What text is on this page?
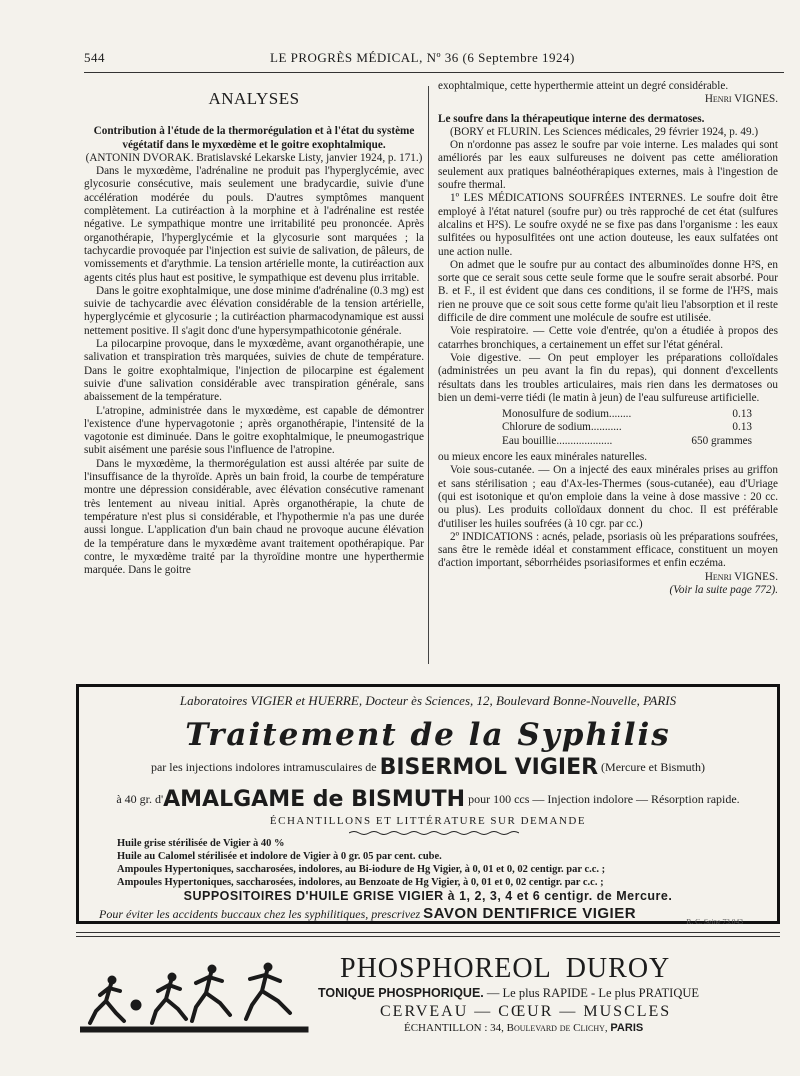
544	LE PROGRÈS MÉDICAL, Nº 36 (6 Septembre 1924)
ANALYSES

Contribution à l'étude de la thermorégulation et à l'état du système végétatif dans le myxœdème et le goitre exophtalmique.

(ANTONIN DVORAK. Bratislavské Lekarske Listy, janvier 1924, p. 171.)

Dans le myxœdème, l'adrénaline ne produit pas l'hyperglycémie, avec glycosurie consécutive, mais seulement une bradycardie, suivie d'une accélération modérée du pouls. D'autres symptômes manquent complètement. La cutiréaction à la morphine et à l'adrénaline est restée négative. Le sympathique montre une irritabilité peu prononcée. Après organothérapie, l'hyperglycémie et la glycosurie sont marquées ; la tachycardie provoquée par l'injection est suivie de salivation, de pâleurs, de vomissements et d'arythmie. La tension artérielle monte, la cutiréaction aux agents cités plus haut est positive, le sympathique est devenu plus irritable.

Dans le goitre exophtalmique, une dose minime d'adrénaline (0.3 mg) est suivie de tachycardie avec élévation considérable de la tension artérielle, hyperglycémie et glycosurie ; la cutiréaction pharmacodynamique est aussi nettement positive. Il s'agit donc d'une hypersympathicotonie générale.

La pilocarpine provoque, dans le myxœdème, avant organothérapie, une salivation et transpiration très marquées, suivies de chute de température. Dans le goitre exophtalmique, l'injection de pilocarpine est également suivie d'une salivation considérable avec transpiration générale, sans abaissement de la température.

L'atropine, administrée dans le myxœdème, est capable de démontrer l'existence d'une hypervagotonie ; après organothérapie, l'intensité de la vagotonie est diminuée. Dans le goitre exophtalmique, le pneumogastrique subit aisément une parésie sous l'influence de l'atropine.

Dans le myxœdème, la thermorégulation est aussi altérée par suite de l'insuffisance de la thyroïde. Après un bain froid, la courbe de température montre une dépression considérable, avec élévation consécutive ramenant très lentement au niveau initial. Après organothérapie, la chute de température n'est plus si considérable, et l'hypothermie n'a pas une durée aussi longue. L'application d'un bain chaud ne provoque aucune élévation de la température dans le myxœdème avant traitement opothérapique. Par contre, le myxœdème traité par la thyroïdine montre une hyperthermie marquée. Dans le goitre

exophtalmique, cette hyperthermie atteint un degré considérable.

Henri VIGNES.

Le soufre dans la thérapeutique interne des dermatoses.

(BORY et FLURIN. Les Sciences médicales, 29 février 1924, p. 49.)

On n'ordonne pas assez le soufre par voie interne. Les malades qui sont améliorés par les eaux sulfureuses ne doivent pas cette amélioration seulement aux pratiques balnéothérapiques externes, mais à l'ingestion de soufre thermal.

1º LES MÉDICATIONS SOUFRÉES INTERNES. Le soufre doit être employé à l'état naturel (soufre pur) ou très rapproché de cet état (sulfures alcalins et H²S). Le soufre oxydé ne se fixe pas dans l'organisme : les eaux sulfitées ou hyposulfitées ont une action douteuse, les eaux sulfatées ont une action nulle.

On admet que le soufre pur au contact des albuminoïdes donne H²S, en sorte que ce serait sous cette seule forme que le soufre serait absorbé. Pour B. et F., il est évident que dans ces conditions, il se forme de l'H²S, mais rien ne prouve que ce soit sous cette forme qu'ait lieu l'absorption et il reste difficile de dire comment une molécule de soufre est utilisée.

Voie respiratoire. — Cette voie d'entrée, qu'on a étudiée à propos des catarrhes bronchiques, a certainement un effet sur l'état général.

Voie digestive. — On peut employer les préparations colloïdales (administrées un peu avant la fin du repas), qui donnent d'excellents résultats dans les troubles articulaires, mais rien dans les dermatoses ou bien un demi-verre tiédi (le matin à jeun) de l'eau sulfureuse artificielle.

Monosulfure de sodium........	0.13
Chlorure de sodium...........	0.13
Eau bouillie....................	650 grammes

ou mieux encore les eaux minérales naturelles.

Voie sous-cutanée. — On a injecté des eaux minérales prises au griffon et sans stérilisation ; eau d'Ax-les-Thermes (sous-cutanée), eau d'Uriage (qui est isotonique et qu'on emploie dans la veine à dose massive : 20 cc. ou plus). Les produits colloïdaux donnent du choc. Il est préférable d'utiliser les huiles soufrées (à 10 cgr. par cc.)

2º INDICATIONS : acnés, pelade, psoriasis où les préparations soufrées, sans être le remède idéal et constamment efficace, constituent un moyen d'action important, séborrhéides psoriasiformes et enfin eczéma.

Henri VIGNES.

(Voir la suite page 772).

Laboratoires VIGIER et HUERRE, Docteur ès Sciences, 12, Boulevard Bonne-Nouvelle, PARIS
Traitement de la Syphilis
par les injections indolores intramusculaires de BISERMOL VIGIER (Mercure et Bismuth)
à 40 gr. d'AMALGAME de BISMUTH pour 100 ccs — Injection indolore — Résorption rapide.
ÉCHANTILLONS ET LITTÉRATURE SUR DEMANDE
Huile grise stérilisée de Vigier à 40 %
Huile au Calomel stérilisée et indolore de Vigier à 0 gr. 05 par cent. cube.
Ampoules Hypertoniques, saccharosées, indolores, au Bi-iodure de Hg Vigier, à 0, 01 et 0, 02 centigr. par c.c. ;
Ampoules Hypertoniques, saccharosées, indolores, au Benzoate de Hg Vigier, à 0, 01 et 0, 02 centigr. par c.c. ;
SUPPOSITOIRES D'HUILE GRISE VIGIER à 1, 2, 3, 4 et 6 centigr. de Mercure.
Pour éviter les accidents buccaux chez les syphilitiques, prescrivez SAVON DENTIFRICE VIGIER	R. C. Seine 73.043
PHOSPHOREOL DUROY
TONIQUE PHOSPHORIQUE. — Le plus RAPIDE - Le plus PRATIQUE
CERVEAU — CŒUR — MUSCLES
ÉCHANTILLON : 34, Boulevard de Clichy, PARIS
